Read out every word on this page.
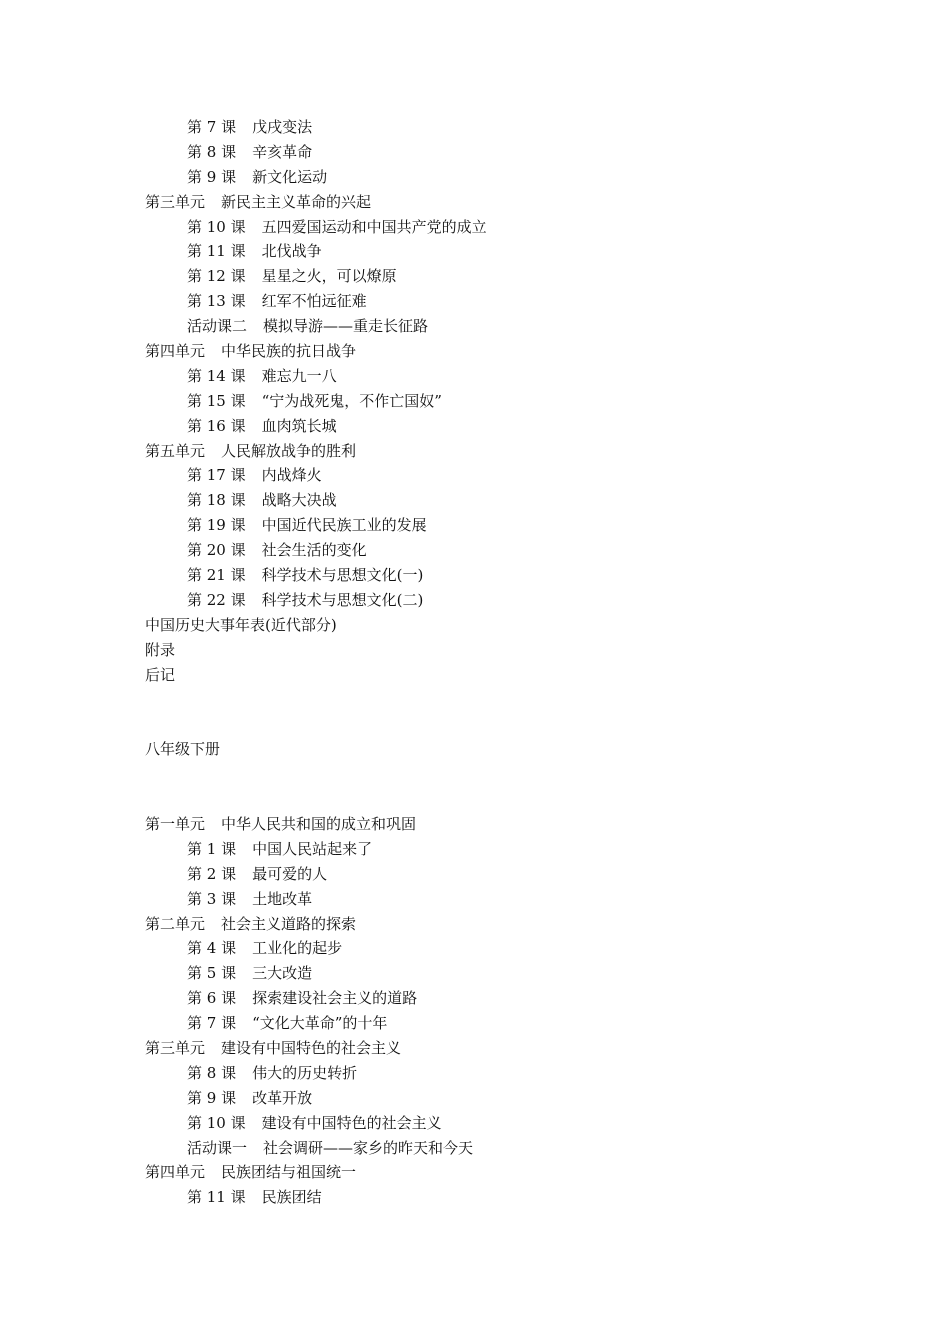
第 7 课 戊戌变法
第 8 课 辛亥革命
第 9 课 新文化运动
第三单元 新民主主义革命的兴起
第 10 课 五四爱国运动和中国共产党的成立
第 11 课 北伐战争
第 12 课 星星之火，可以燎原
第 13 课 红军不怕远征难
活动课二 模拟导游——重走长征路
第四单元 中华民族的抗日战争
第 14 课 难忘九一八
第 15 课 “宁为战死鬼，不作亡国奴”
第 16 课 血肉筑长城
第五单元 人民解放战争的胜利
第 17 课 内战烽火
第 18 课 战略大决战
第 19 课 中国近代民族工业的发展
第 20 课 社会生活的变化
第 21 课 科学技术与思想文化(一)
第 22 课 科学技术与思想文化(二)
中国历史大事年表(近代部分)
附录
后记
八年级下册
第一单元 中华人民共和国的成立和巩固
第 1 课 中国人民站起来了
第 2 课 最可爱的人
第 3 课 土地改革
第二单元 社会主义道路的探索
第 4 课 工业化的起步
第 5 课 三大改造
第 6 课 探索建设社会主义的道路
第 7 课 “文化大革命”的十年
第三单元 建设有中国特色的社会主义
第 8 课 伟大的历史转折
第 9 课 改革开放
第 10 课 建设有中国特色的社会主义
活动课一 社会调研——家乡的昨天和今天
第四单元 民族团结与祖国统一
第 11 课 民族团结
